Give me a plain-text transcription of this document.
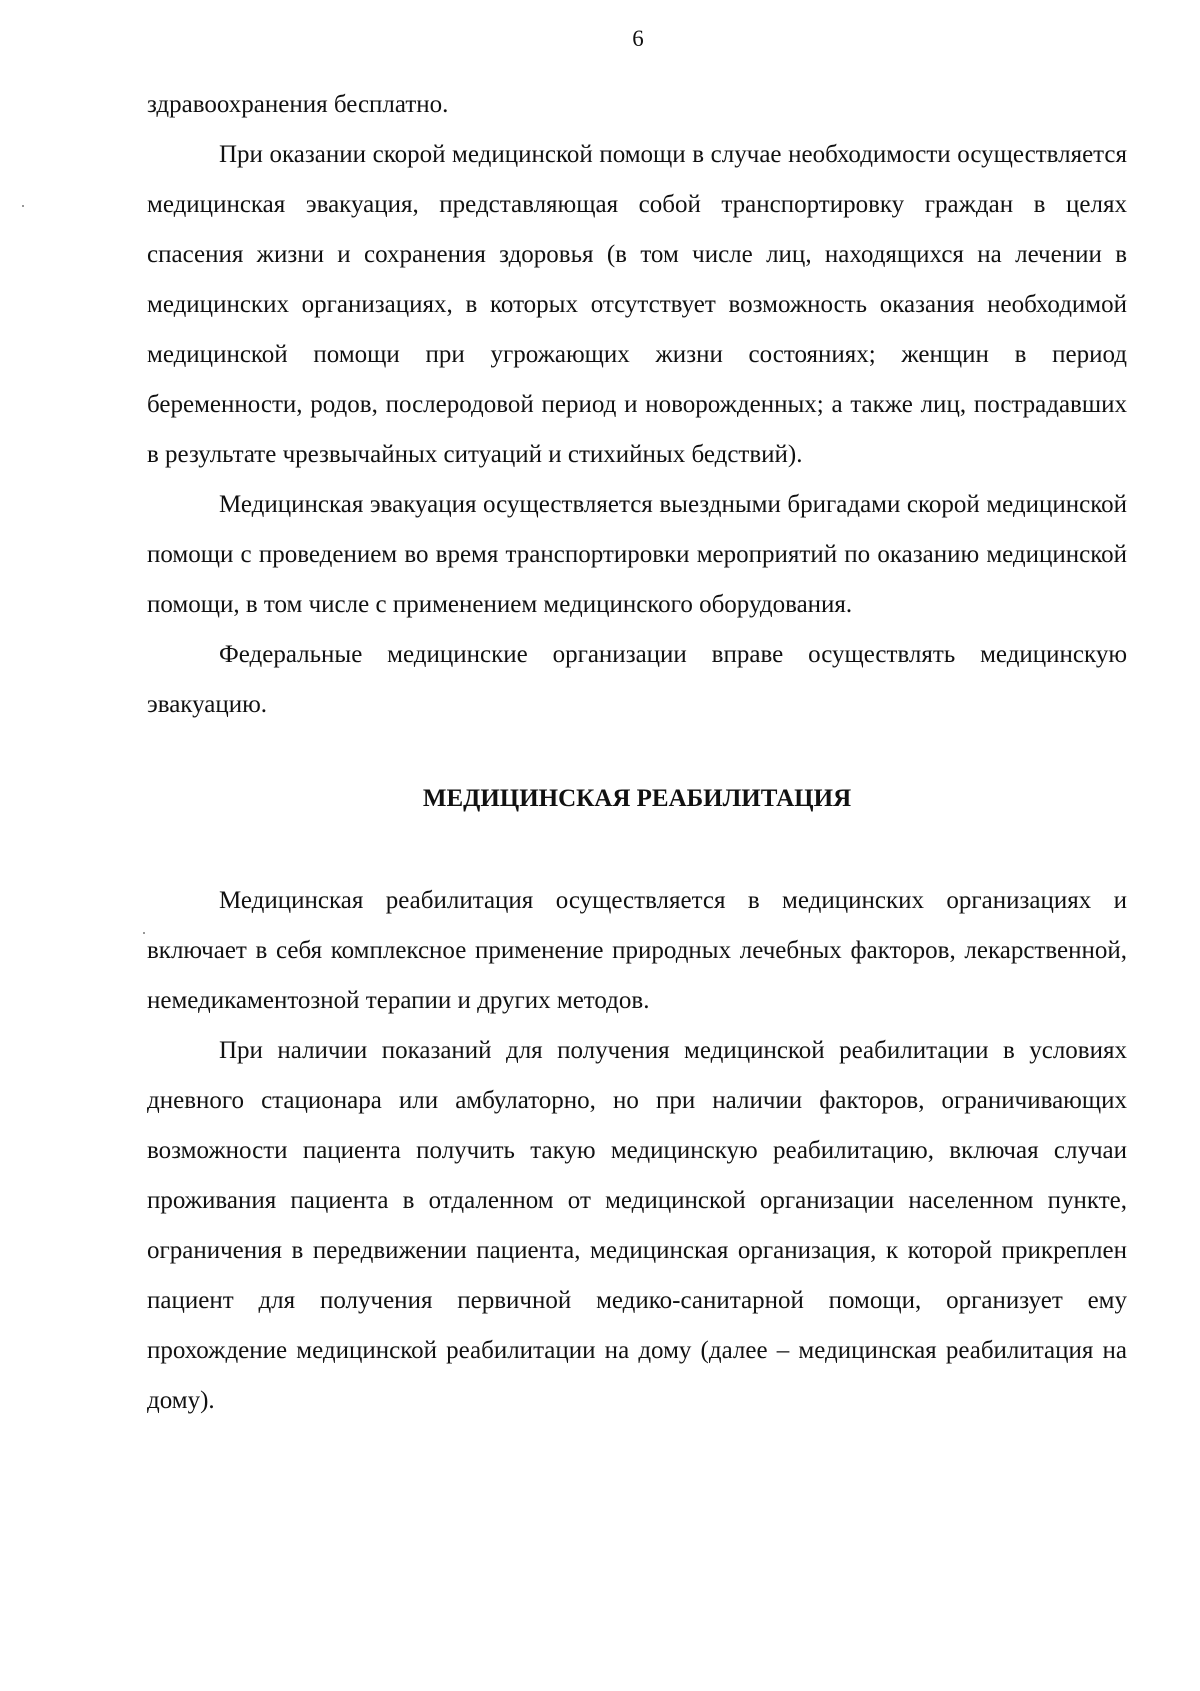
6

здравоохранения бесплатно.

При оказании скорой медицинской помощи в случае необходимости осуществляется медицинская эвакуация, представляющая собой транспортировку граждан в целях спасения жизни и сохранения здоровья (в том числе лиц, находящихся на лечении в медицинских организациях, в которых отсутствует возможность оказания необходимой медицинской помощи при угрожающих жизни состояниях; женщин в период беременности, родов, послеродовой период и новорожденных; а также лиц, пострадавших в результате чрезвычайных ситуаций и стихийных бедствий).

Медицинская эвакуация осуществляется выездными бригадами скорой медицинской помощи с проведением во время транспортировки мероприятий по оказанию медицинской помощи, в том числе с применением медицинского оборудования.

Федеральные медицинские организации вправе осуществлять медицинскую эвакуацию.

МЕДИЦИНСКАЯ РЕАБИЛИТАЦИЯ

Медицинская реабилитация осуществляется в медицинских организациях и включает в себя комплексное применение природных лечебных факторов, лекарственной, немедикаментозной терапии и других методов.

При наличии показаний для получения медицинской реабилитации в условиях дневного стационара или амбулаторно, но при наличии факторов, ограничивающих возможности пациента получить такую медицинскую реабилитацию, включая случаи проживания пациента в отдаленном от медицинской организации населенном пункте, ограничения в передвижении пациента, медицинская организация, к которой прикреплен пациент для получения первичной медико-санитарной помощи, организует ему прохождение медицинской реабилитации на дому (далее – медицинская реабилитация на дому).
